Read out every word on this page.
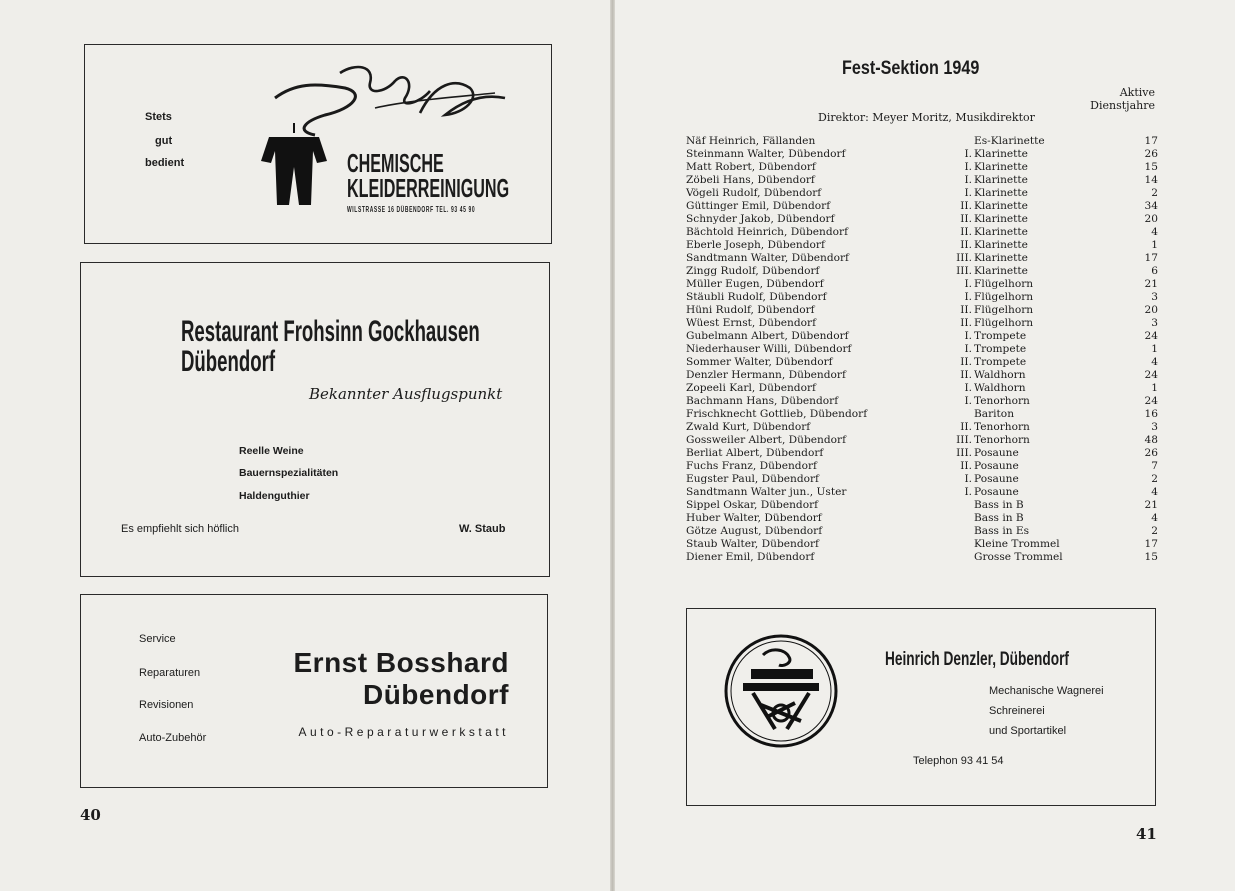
Stets
gut
bedient	CHEMISCHE
KLEIDERREINIGUNG
WILSTRASSE 16 DÜBENDORF TEL. 93 45 90
Restaurant Frohsinn Gockhausen
Dübendorf
Bekannter Ausflugspunkt
Reelle Weine
Bauernspezialitäten
Haldenguthier
Es empfiehlt sich höflich	W. Staub
Service
Reparaturen
Revisionen
Auto-Zubehör
Ernst Bosshard
Dübendorf
Auto-Reparaturwerkstatt
40
Fest-Sektion 1949
Aktive
Dienstjahre
Direktor: Meyer Moritz, Musikdirektor
Näf Heinrich, Fällanden	Es-Klarinette	17
Steinmann Walter, Dübendorf	I. Klarinette	26
Matt Robert, Dübendorf	I. Klarinette	15
Zöbeli Hans, Dübendorf	I. Klarinette	14
Vögeli Rudolf, Dübendorf	I. Klarinette	2
Güttinger Emil, Dübendorf	II. Klarinette	34
Schnyder Jakob, Dübendorf	II. Klarinette	20
Bächtold Heinrich, Dübendorf	II. Klarinette	4
Eberle Joseph, Dübendorf	II. Klarinette	1
Sandtmann Walter, Dübendorf	III. Klarinette	17
Zingg Rudolf, Dübendorf	III. Klarinette	6
Müller Eugen, Dübendorf	I. Flügelhorn	21
Stäubli Rudolf, Dübendorf	I. Flügelhorn	3
Hüni Rudolf, Dübendorf	II. Flügelhorn	20
Wüest Ernst, Dübendorf	II. Flügelhorn	3
Gubelmann Albert, Dübendorf	I. Trompete	24
Niederhauser Willi, Dübendorf	I. Trompete	1
Sommer Walter, Dübendorf	II. Trompete	4
Denzler Hermann, Dübendorf	II. Waldhorn	24
Zopeeli Karl, Dübendorf	I. Waldhorn	1
Bachmann Hans, Dübendorf	I. Tenorhorn	24
Frischknecht Gottlieb, Dübendorf	Bariton	16
Zwald Kurt, Dübendorf	II. Tenorhorn	3
Gossweiler Albert, Dübendorf	III. Tenorhorn	48
Berliat Albert, Dübendorf	III. Posaune	26
Fuchs Franz, Dübendorf	II. Posaune	7
Eugster Paul, Dübendorf	I. Posaune	2
Sandtmann Walter jun., Uster	I. Posaune	4
Sippel Oskar, Dübendorf	Bass in B	21
Huber Walter, Dübendorf	Bass in B	4
Götze August, Dübendorf	Bass in Es	2
Staub Walter, Dübendorf	Kleine Trommel	17
Diener Emil, Dübendorf	Grosse Trommel	15
Heinrich Denzler, Dübendorf
Mechanische Wagnerei
Schreinerei
und Sportartikel
Telephon 93 41 54
41
